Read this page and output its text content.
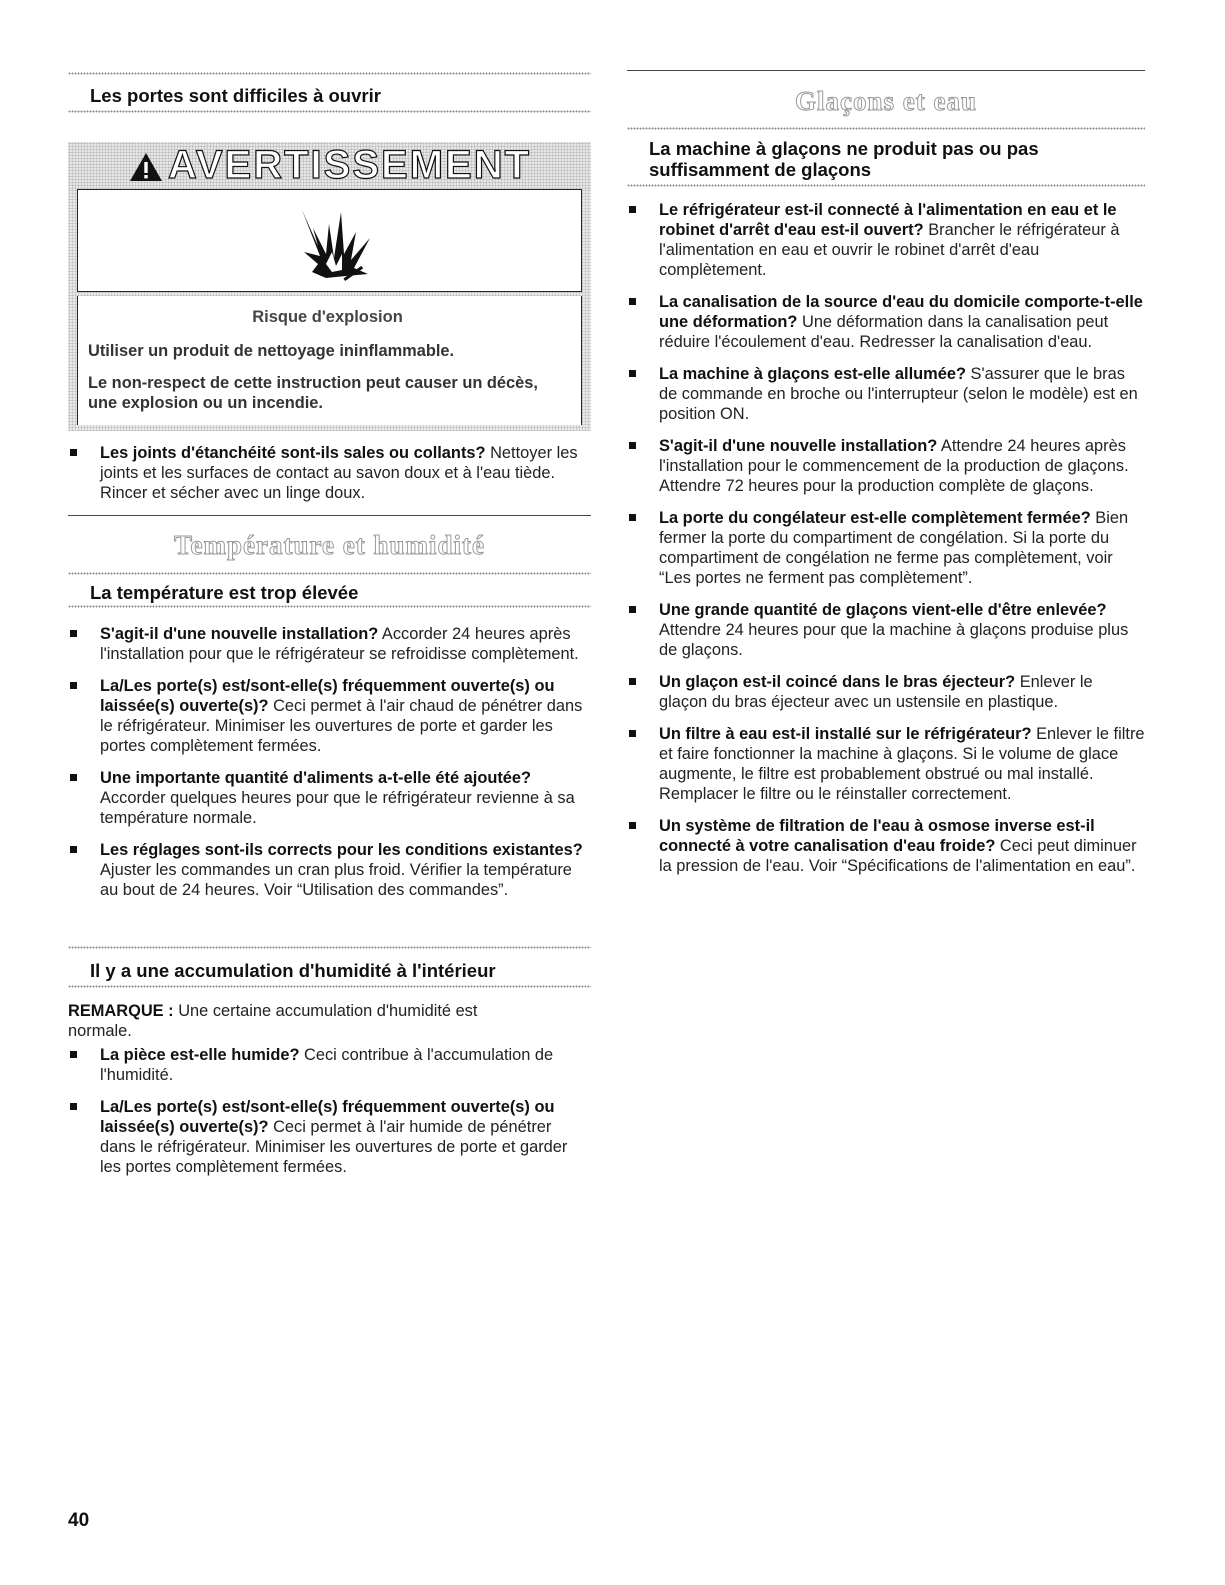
Les portes sont difficiles à ouvrir
AVERTISSEMENT

Risque d'explosion

Utiliser un produit de nettoyage ininflammable.

Le non-respect de cette instruction peut causer un décès, une explosion ou un incendie.

Les joints d'étanchéité sont-ils sales ou collants? Nettoyer les joints et les surfaces de contact au savon doux et à l'eau tiède. Rincer et sécher avec un linge doux.
Température et humidité
La température est trop élevée
S'agit-il d'une nouvelle installation? Accorder 24 heures après l'installation pour que le réfrigérateur se refroidisse complètement.
La/Les porte(s) est/sont-elle(s) fréquemment ouverte(s) ou laissée(s) ouverte(s)? Ceci permet à l'air chaud de pénétrer dans le réfrigérateur. Minimiser les ouvertures de porte et garder les portes complètement fermées.
Une importante quantité d'aliments a-t-elle été ajoutée? Accorder quelques heures pour que le réfrigérateur revienne à sa température normale.
Les réglages sont-ils corrects pour les conditions existantes? Ajuster les commandes un cran plus froid. Vérifier la température au bout de 24 heures. Voir “Utilisation des commandes”.
Il y a une accumulation d'humidité à l'intérieur

REMARQUE : Une certaine accumulation d'humidité est normale.

La pièce est-elle humide? Ceci contribue à l'accumulation de l'humidité.
La/Les porte(s) est/sont-elle(s) fréquemment ouverte(s) ou laissée(s) ouverte(s)? Ceci permet à l'air humide de pénétrer dans le réfrigérateur. Minimiser les ouvertures de porte et garder les portes complètement fermées.
Glaçons et eau
La machine à glaçons ne produit pas ou pas suffisamment de glaçons
Le réfrigérateur est-il connecté à l'alimentation en eau et le robinet d'arrêt d'eau est-il ouvert? Brancher le réfrigérateur à l'alimentation en eau et ouvrir le robinet d'arrêt d'eau complètement.
La canalisation de la source d'eau du domicile comporte-t-elle une déformation? Une déformation dans la canalisation peut réduire l'écoulement d'eau. Redresser la canalisation d'eau.
La machine à glaçons est-elle allumée? S'assurer que le bras de commande en broche ou l'interrupteur (selon le modèle) est en position ON.
S'agit-il d'une nouvelle installation? Attendre 24 heures après l'installation pour le commencement de la production de glaçons. Attendre 72 heures pour la production complète de glaçons.
La porte du congélateur est-elle complètement fermée? Bien fermer la porte du compartiment de congélation. Si la porte du compartiment de congélation ne ferme pas complètement, voir “Les portes ne ferment pas complètement”.
Une grande quantité de glaçons vient-elle d'être enlevée? Attendre 24 heures pour que la machine à glaçons produise plus de glaçons.
Un glaçon est-il coincé dans le bras éjecteur? Enlever le glaçon du bras éjecteur avec un ustensile en plastique.
Un filtre à eau est-il installé sur le réfrigérateur? Enlever le filtre et faire fonctionner la machine à glaçons. Si le volume de glace augmente, le filtre est probablement obstrué ou mal installé. Remplacer le filtre ou le réinstaller correctement.
Un système de filtration de l'eau à osmose inverse est-il connecté à votre canalisation d'eau froide? Ceci peut diminuer la pression de l'eau. Voir “Spécifications de l'alimentation en eau”.
40
